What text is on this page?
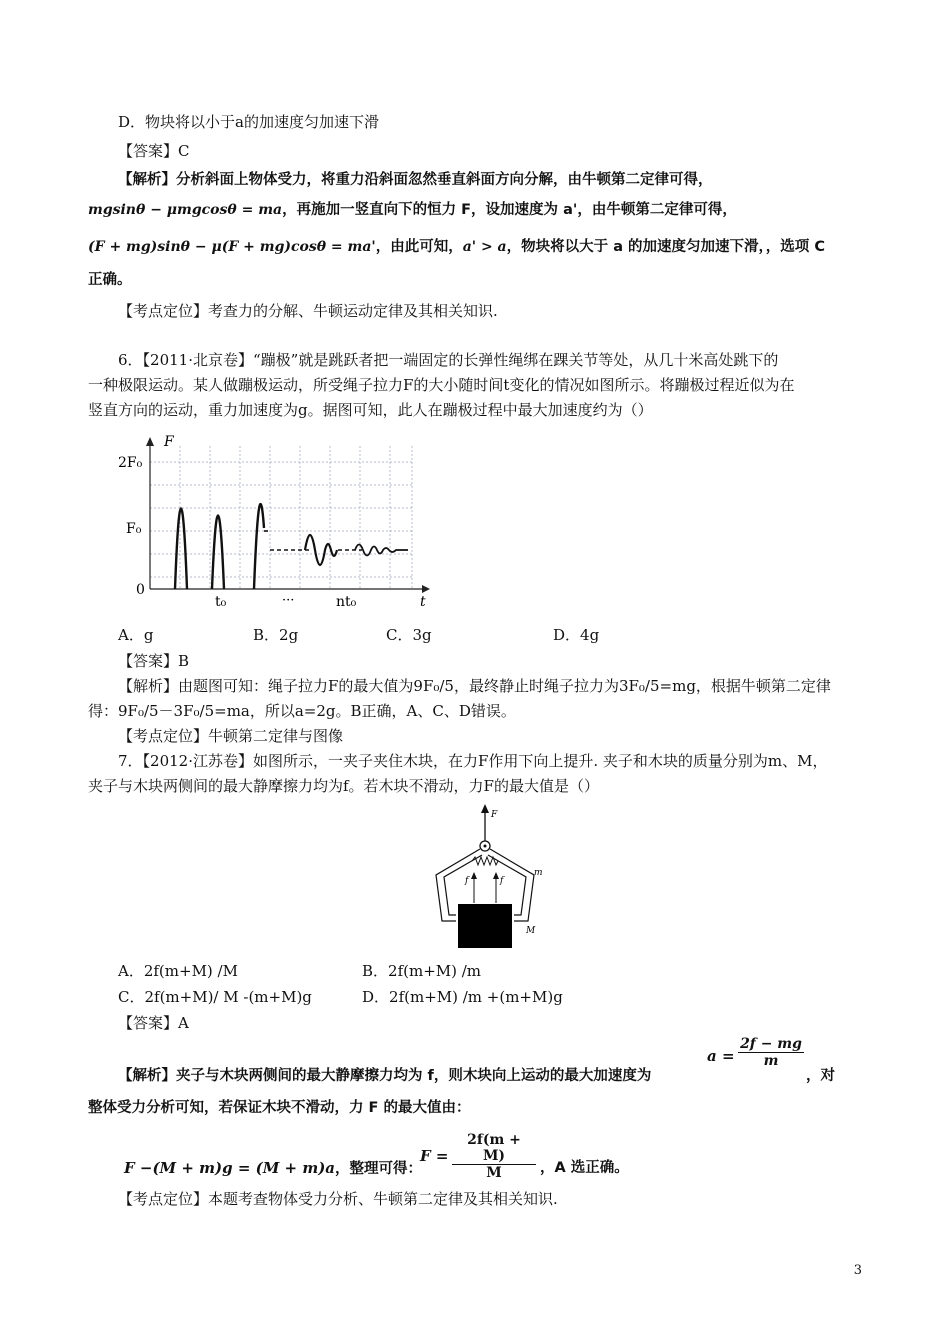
D．物块将以小于a的加速度匀加速下滑
【答案】C
【解析】分析斜面上物体受力，将重力沿斜面忽然垂直斜面方向分解，由牛顿第二定律可得，
mgsinθ − μmgcosθ = ma，再施加一竖直向下的恒力 F，设加速度为 a'，由牛顿第二定律可得，
(F + mg)sinθ − μ(F + mg)cosθ = ma'，由此可知，a' > a，物块将以大于 a 的加速度匀加速下滑，，选项 C
正确。
【考点定位】考查力的分解、牛顿运动定律及其相关知识.
6．【2011·北京卷】“蹦极”就是跳跃者把一端固定的长弹性绳绑在踝关节等处，从几十米高处跳下的
一种极限运动。某人做蹦极运动，所受绳子拉力F的大小随时间t变化的情况如图所示。将蹦极过程近似为在
竖直方向的运动，重力加速度为g。据图可知，此人在蹦极过程中最大加速度约为（）
F
2F₀
F₀
0
t₀	···	nt₀	t
A．g	B．2g	C．3g	D．4g
【答案】B
【解析】由题图可知：绳子拉力F的最大值为9F₀/5，最终静止时绳子拉力为3F₀/5=mg，根据牛顿第二定律
得：9F₀/5－3F₀/5=ma，所以a=2g。B正确，A、C、D错误。
【考点定位】牛顿第二定律与图像
7．【2012·江苏卷】如图所示，一夹子夹住木块，在力F作用下向上提升. 夹子和木块的质量分别为m、M，
夹子与木块两侧间的最大静摩擦力均为f。若木块不滑动，力F的最大值是（）
F
f	f
m
M
A．2f(m+M) /M	B．2f(m+M) /m
C．2f(m+M)/ M -(m+M)g	D．2f(m+M) /m +(m+M)g
【答案】A
【解析】夹子与木块两侧间的最大静摩擦力均为 f，则木块向上运动的最大加速度为
$a = \frac{2f - mg}{m}$
，对
整体受力分析可知，若保证木块不滑动，力 F 的最大值由：
F −(M + m)g = (M + m)a，整理可得：
$F = \frac{2f(m + M)}{M}$ ，A 选正确。
【考点定位】本题考查物体受力分析、牛顿第二定律及其相关知识.
3
